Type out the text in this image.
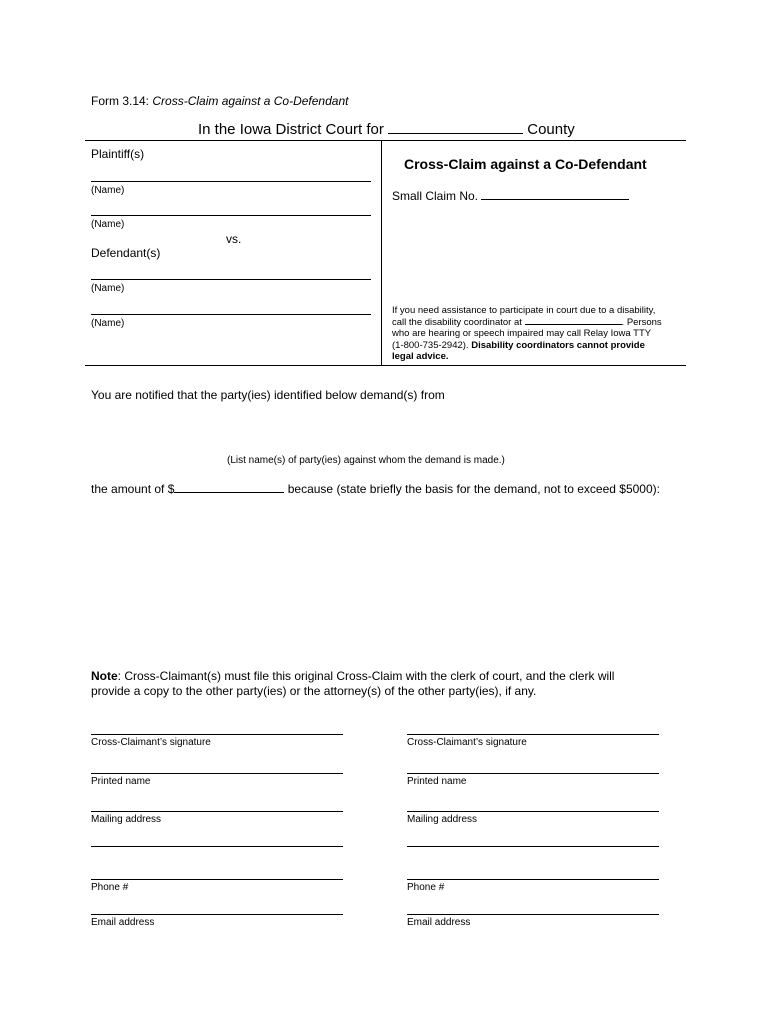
Form 3.14: Cross-Claim against a Co-Defendant
In the Iowa District Court for	County
Plaintiff(s)
(Name)
(Name)
vs.
Defendant(s)
(Name)
(Name)
Cross-Claim against a Co-Defendant
Small Claim No.
If you need assistance to participate in court due to a disability,
call the disability coordinator at	. Persons
who are hearing or speech impaired may call Relay Iowa TTY
(1-800-735-2942). Disability coordinators cannot provide
legal advice.
You are notified that the party(ies) identified below demand(s) from
(List name(s) of party(ies) against whom the demand is made.)
the amount of $	because (state briefly the basis for the demand, not to exceed $5000):
Note: Cross-Claimant(s) must file this original Cross-Claim with the clerk of court, and the clerk will
provide a copy to the other party(ies) or the attorney(s) of the other party(ies), if any.
Cross-Claimant’s signature
Printed name
Mailing address
Phone #
Email address
Cross-Claimant’s signature
Printed name
Mailing address
Phone #
Email address
